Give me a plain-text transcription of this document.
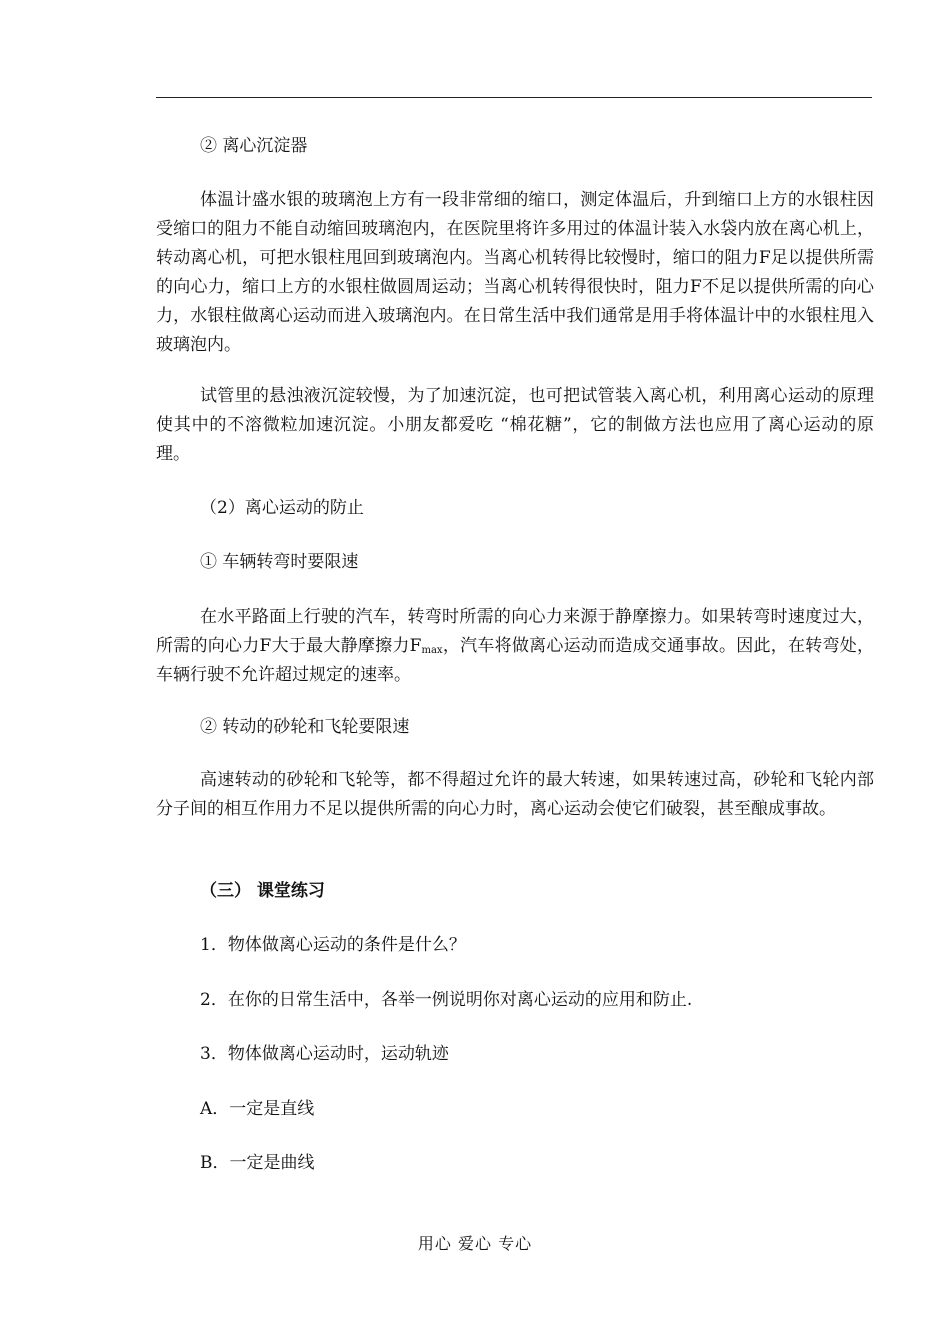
② 离心沉淀器
体温计盛水银的玻璃泡上方有一段非常细的缩口，测定体温后，升到缩口上方的水银柱因受缩口的阻力不能自动缩回玻璃泡内，在医院里将许多用过的体温计装入水袋内放在离心机上，转动离心机，可把水银柱甩回到玻璃泡内。当离心机转得比较慢时，缩口的阻力F足以提供所需的向心力，缩口上方的水银柱做圆周运动；当离心机转得很快时，阻力F不足以提供所需的向心力，水银柱做离心运动而进入玻璃泡内。在日常生活中我们通常是用手将体温计中的水银柱甩入玻璃泡内。
试管里的悬浊液沉淀较慢，为了加速沉淀，也可把试管装入离心机，利用离心运动的原理使其中的不溶微粒加速沉淀。小朋友都爱吃 “棉花糖”，它的制做方法也应用了离心运动的原理。
（2）离心运动的防止
① 车辆转弯时要限速
在水平路面上行驶的汽车，转弯时所需的向心力来源于静摩擦力。如果转弯时速度过大，所需的向心力F大于最大静摩擦力$F_{max}$，汽车将做离心运动而造成交通事故。因此，在转弯处，车辆行驶不允许超过规定的速率。
② 转动的砂轮和飞轮要限速
高速转动的砂轮和飞轮等，都不得超过允许的最大转速，如果转速过高，砂轮和飞轮内部分子间的相互作用力不足以提供所需的向心力时，离心运动会使它们破裂，甚至酿成事故。
（三） 课堂练习
1．物体做离心运动的条件是什么？
2．在你的日常生活中，各举一例说明你对离心运动的应用和防止.
3．物体做离心运动时，运动轨迹
A．一定是直线
B．一定是曲线
用心 爱心 专心
